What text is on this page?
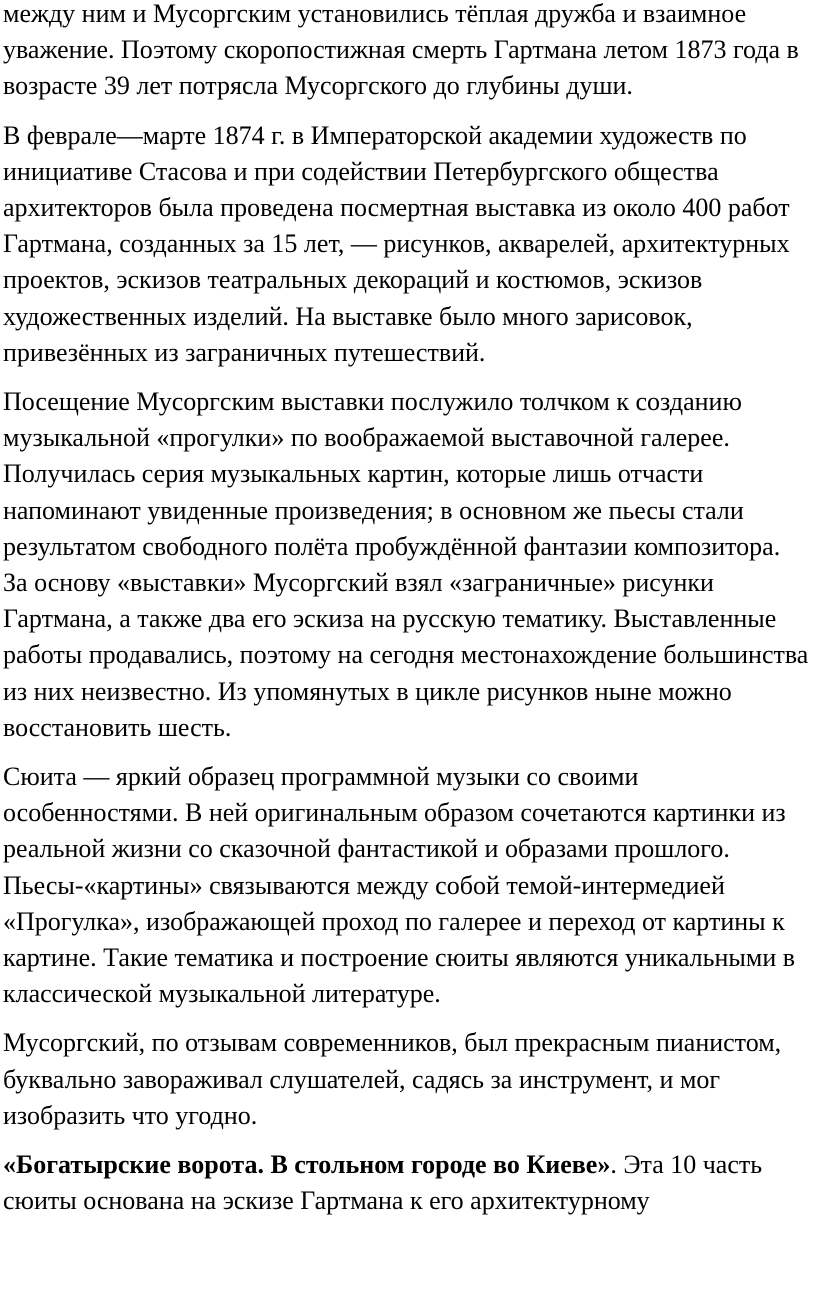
между ним и Мусоргским установились тёплая дружба и взаимное уважение. Поэтому скоропостижная смерть Гартмана летом 1873 года в возрасте 39 лет потрясла Мусоргского до глубины души.

В феврале—марте 1874 г. в Императорской академии художеств по инициативе Стасова и при содействии Петербургского общества архитекторов была проведена посмертная выставка из около 400 работ Гартмана, созданных за 15 лет, — рисунков, акварелей, архитектурных проектов, эскизов театральных декораций и костюмов, эскизов художественных изделий. На выставке было много зарисовок, привезённых из заграничных путешествий.

Посещение Мусоргским выставки послужило толчком к созданию музыкальной «прогулки» по воображаемой выставочной галерее. Получилась серия музыкальных картин, которые лишь отчасти напоминают увиденные произведения; в основном же пьесы стали результатом свободного полёта пробуждённой фантазии композитора. За основу «выставки» Мусоргский взял «заграничные» рисунки Гартмана, а также два его эскиза на русскую тематику. Выставленные работы продавались, поэтому на сегодня местонахождение большинства из них неизвестно. Из упомянутых в цикле рисунков ныне можно восстановить шесть.

Сюита — яркий образец программной музыки со своими особенностями. В ней оригинальным образом сочетаются картинки из реальной жизни со сказочной фантастикой и образами прошлого. Пьесы-«картины» связываются между собой темой-интермедией «Прогулка», изображающей проход по галерее и переход от картины к картине. Такие тематика и построение сюиты являются уникальными в классической музыкальной литературе.

Мусоргский, по отзывам современников, был прекрасным пианистом, буквально завораживал слушателей, садясь за инструмент, и мог изобразить что угодно.

«Богатырские ворота. В стольном городе во Киеве». Эта 10 часть сюиты основана на эскизе Гартмана к его архитектурному
